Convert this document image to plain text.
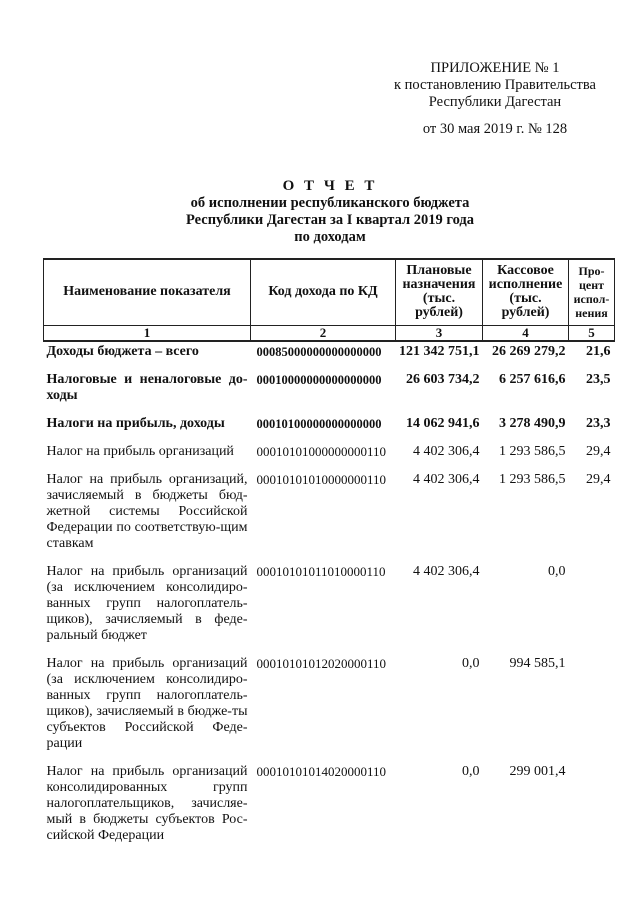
ПРИЛОЖЕНИЕ № 1
к постановлению Правительства
Республики Дагестан
от 30 мая 2019 г. № 128
О Т Ч Е Т
об исполнении республиканского бюджета
Республики Дагестан за I квартал 2019 года
по доходам
Наименование показателя	Код дохода по КД	Плановые назначения (тыс. рублей)	Кассовое исполнение (тыс. рублей)	Про-цент испол-нения
1	2	3	4	5
Доходы бюджета – всего	00085000000000000000	121 342 751,1	26 269 279,2	21,6
Налоговые и неналоговые до-ходы	00010000000000000000	26 603 734,2	6 257 616,6	23,5
Налоги на прибыль, доходы	00010100000000000000	14 062 941,6	3 278 490,9	23,3
Налог на прибыль организаций	00010101000000000110	4 402 306,4	1 293 586,5	29,4
Налог на прибыль организаций, зачисляемый в бюджеты бюд-жетной системы Российской Федерации по соответствую-щим ставкам	00010101010000000110	4 402 306,4	1 293 586,5	29,4
Налог на прибыль организаций (за исключением консолидиро-ванных групп налогоплатель-щиков), зачисляемый в феде-ральный бюджет	00010101011010000110	4 402 306,4	0,0	
Налог на прибыль организаций (за исключением консолидиро-ванных групп налогоплатель-щиков), зачисляемый в бюдже-ты субъектов Российской Феде-рации	00010101012020000110	0,0	994 585,1	
Налог на прибыль организаций консолидированных групп налогоплательщиков, зачисляе-мый в бюджеты субъектов Рос-сийской Федерации	00010101014020000110	0,0	299 001,4	
